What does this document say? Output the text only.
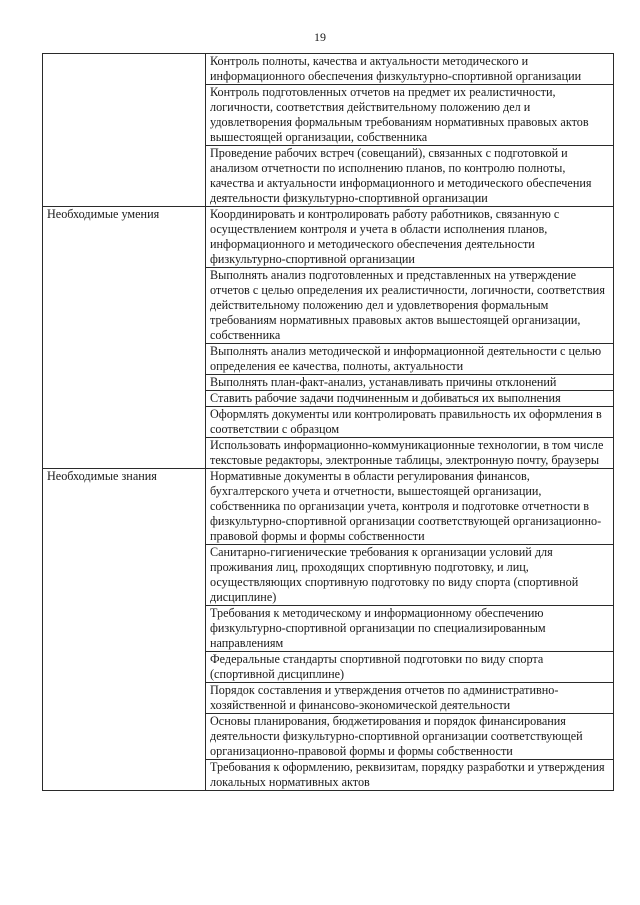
19
	Контроль полноты, качества и актуальности методического и информационного обеспечения физкультурно-спортивной организации
	Контроль подготовленных отчетов на предмет их реалистичности, логичности, соответствия действительному положению дел и удовлетворения формальным требованиям нормативных правовых актов вышестоящей организации, собственника
	Проведение рабочих встреч (совещаний), связанных с подготовкой и анализом отчетности по исполнению планов, по контролю полноты, качества и актуальности информационного и методического обеспечения деятельности физкультурно-спортивной организации
Необходимые умения	Координировать и контролировать работу работников, связанную с осуществлением контроля и учета в области исполнения планов, информационного и методического обеспечения деятельности физкультурно-спортивной организации
	Выполнять анализ подготовленных и представленных на утверждение отчетов с целью определения их реалистичности, логичности, соответствия действительному положению дел и удовлетворения формальным требованиям нормативных правовых актов вышестоящей организации, собственника
	Выполнять анализ методической и информационной деятельности с целью определения ее качества, полноты, актуальности
	Выполнять план-факт-анализ, устанавливать причины отклонений
	Ставить рабочие задачи подчиненным и добиваться их выполнения
	Оформлять документы или контролировать правильность их оформления в соответствии с образцом
	Использовать информационно-коммуникационные технологии, в том числе текстовые редакторы, электронные таблицы, электронную почту, браузеры
Необходимые знания	Нормативные документы в области регулирования финансов, бухгалтерского учета и отчетности, вышестоящей организации, собственника по организации учета, контроля и подготовке отчетности в физкультурно-спортивной организации соответствующей организационно-правовой формы и формы собственности
	Санитарно-гигиенические требования к организации условий для проживания лиц, проходящих спортивную подготовку, и лиц, осуществляющих спортивную подготовку по виду спорта (спортивной дисциплине)
	Требования к методическому и информационному обеспечению физкультурно-спортивной организации по специализированным направлениям
	Федеральные стандарты спортивной подготовки по виду спорта (спортивной дисциплине)
	Порядок составления и утверждения отчетов по административно-хозяйственной и финансово-экономической деятельности
	Основы планирования, бюджетирования и порядок финансирования деятельности физкультурно-спортивной организации соответствующей организационно-правовой формы и формы собственности
	Требования к оформлению, реквизитам, порядку разработки и утверждения локальных нормативных актов
